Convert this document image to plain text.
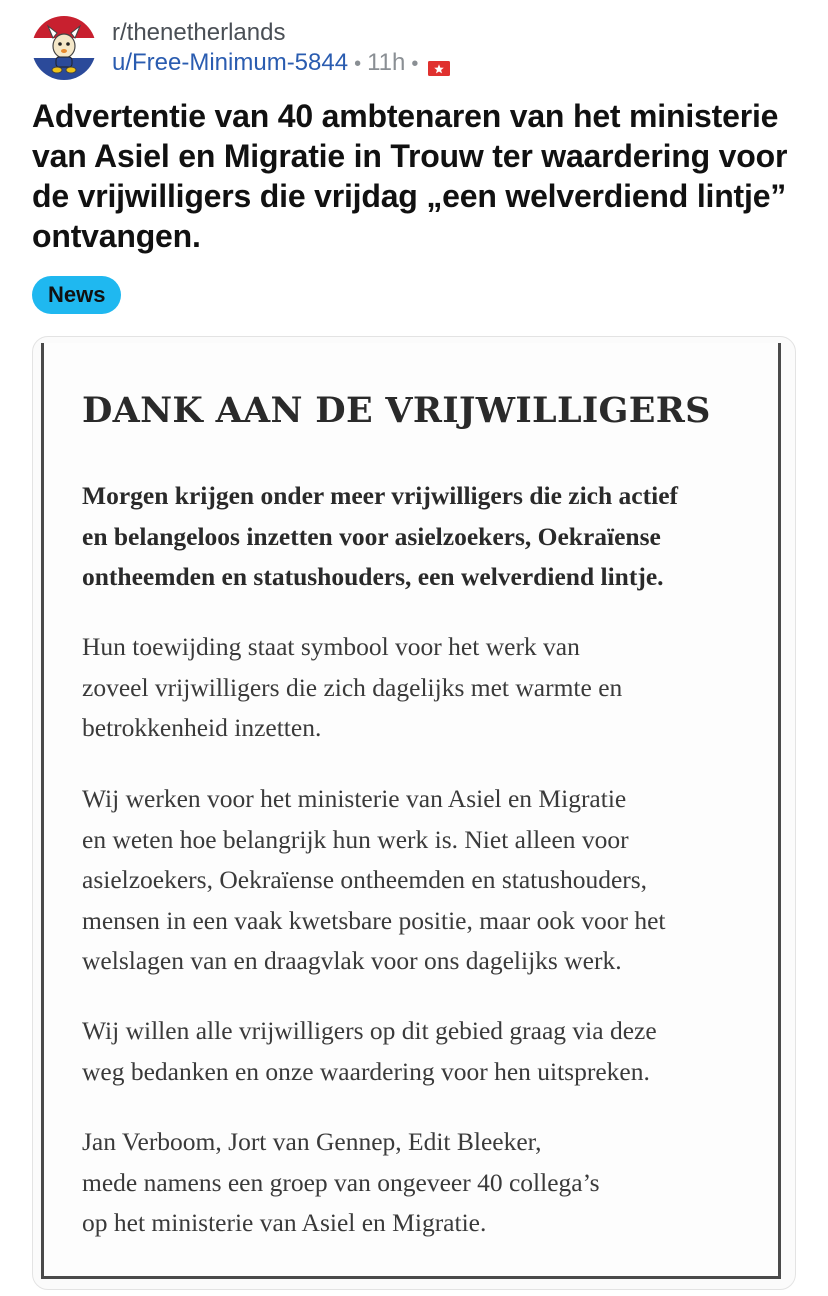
r/thenetherlands
u/Free-Minimum-5844 • 11h •
Advertentie van 40 ambtenaren van het ministerie van Asiel en Migratie in Trouw ter waardering voor de vrijwilligers die vrijdag „een welverdiend lintje” ontvangen.
News
DANK AAN DE VRIJWILLIGERS

Morgen krijgen onder meer vrijwilligers die zich actief
en belangeloos inzetten voor asielzoekers, Oekraïense
ontheemden en statushouders, een welverdiend lintje.

Hun toewijding staat symbool voor het werk van
zoveel vrijwilligers die zich dagelijks met warmte en
betrokkenheid inzetten.

Wij werken voor het ministerie van Asiel en Migratie
en weten hoe belangrijk hun werk is. Niet alleen voor
asielzoekers, Oekraïense ontheemden en statushouders,
mensen in een vaak kwetsbare positie, maar ook voor het
welslagen van en draagvlak voor ons dagelijks werk.

Wij willen alle vrijwilligers op dit gebied graag via deze
weg bedanken en onze waardering voor hen uitspreken.

Jan Verboom, Jort van Gennep, Edit Bleeker,
mede namens een groep van ongeveer 40 collega’s
op het ministerie van Asiel en Migratie.
